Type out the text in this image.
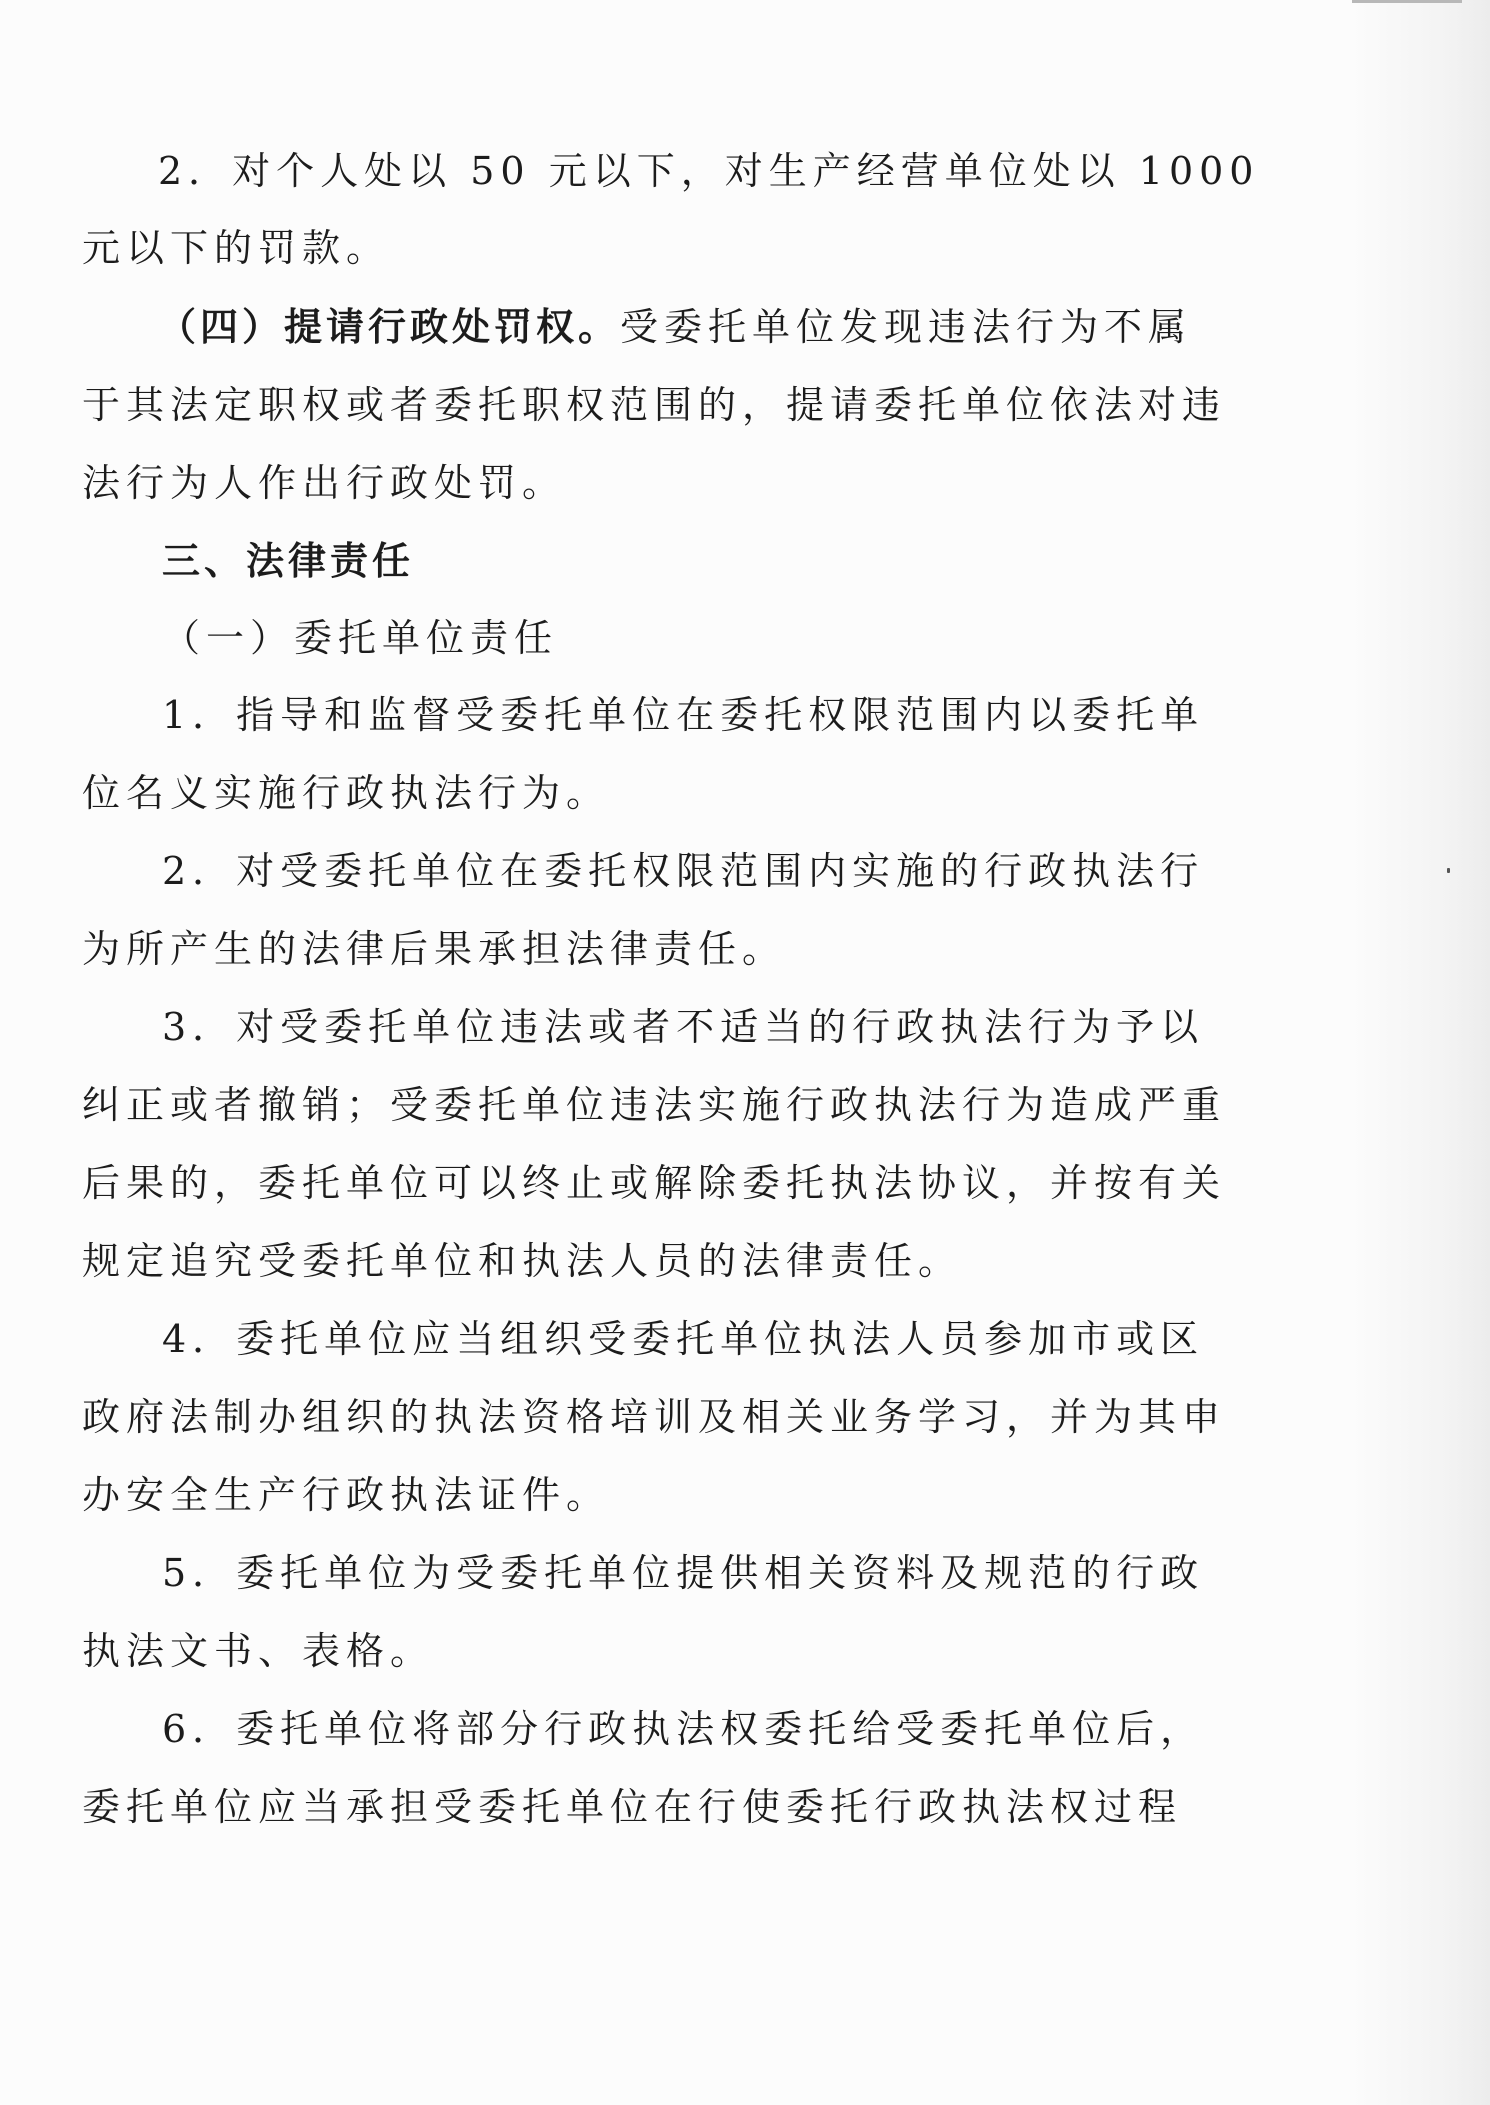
2．对个人处以 50 元以下，对生产经营单位处以 1000
元以下的罚款。
（四）提请行政处罚权。受委托单位发现违法行为不属
于其法定职权或者委托职权范围的，提请委托单位依法对违
法行为人作出行政处罚。
三、法律责任
（一）委托单位责任
1．指导和监督受委托单位在委托权限范围内以委托单
位名义实施行政执法行为。
2．对受委托单位在委托权限范围内实施的行政执法行
为所产生的法律后果承担法律责任。
3．对受委托单位违法或者不适当的行政执法行为予以
纠正或者撤销；受委托单位违法实施行政执法行为造成严重
后果的，委托单位可以终止或解除委托执法协议，并按有关
规定追究受委托单位和执法人员的法律责任。
4．委托单位应当组织受委托单位执法人员参加市或区
政府法制办组织的执法资格培训及相关业务学习，并为其申
办安全生产行政执法证件。
5．委托单位为受委托单位提供相关资料及规范的行政
执法文书、表格。
6．委托单位将部分行政执法权委托给受委托单位后，
委托单位应当承担受委托单位在行使委托行政执法权过程
